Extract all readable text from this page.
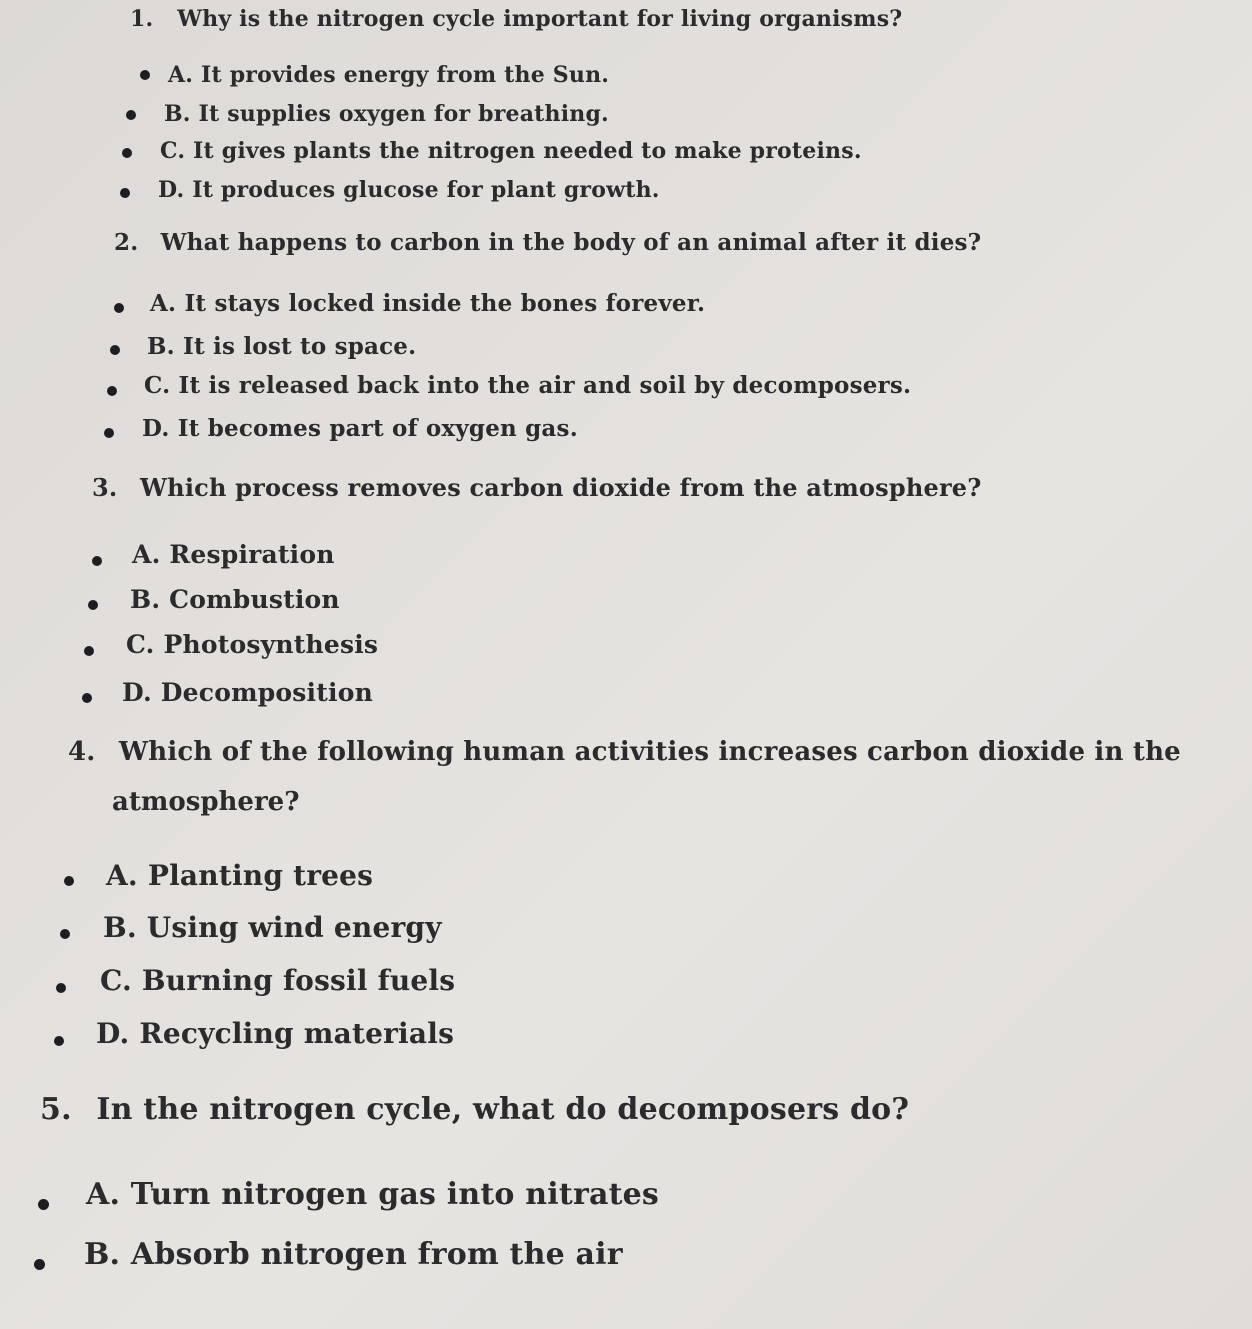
1. Why is the nitrogen cycle important for living organisms?
A. It provides energy from the Sun.
B. It supplies oxygen for breathing.
C. It gives plants the nitrogen needed to make proteins.
D. It produces glucose for plant growth.
2. What happens to carbon in the body of an animal after it dies?
A. It stays locked inside the bones forever.
B. It is lost to space.
C. It is released back into the air and soil by decomposers.
D. It becomes part of oxygen gas.
3. Which process removes carbon dioxide from the atmosphere?
A. Respiration
B. Combustion
C. Photosynthesis
D. Decomposition
4. Which of the following human activities increases carbon dioxide in the
atmosphere?
A. Planting trees
B. Using wind energy
C. Burning fossil fuels
D. Recycling materials
5. In the nitrogen cycle, what do decomposers do?
A. Turn nitrogen gas into nitrates
B. Absorb nitrogen from the air
